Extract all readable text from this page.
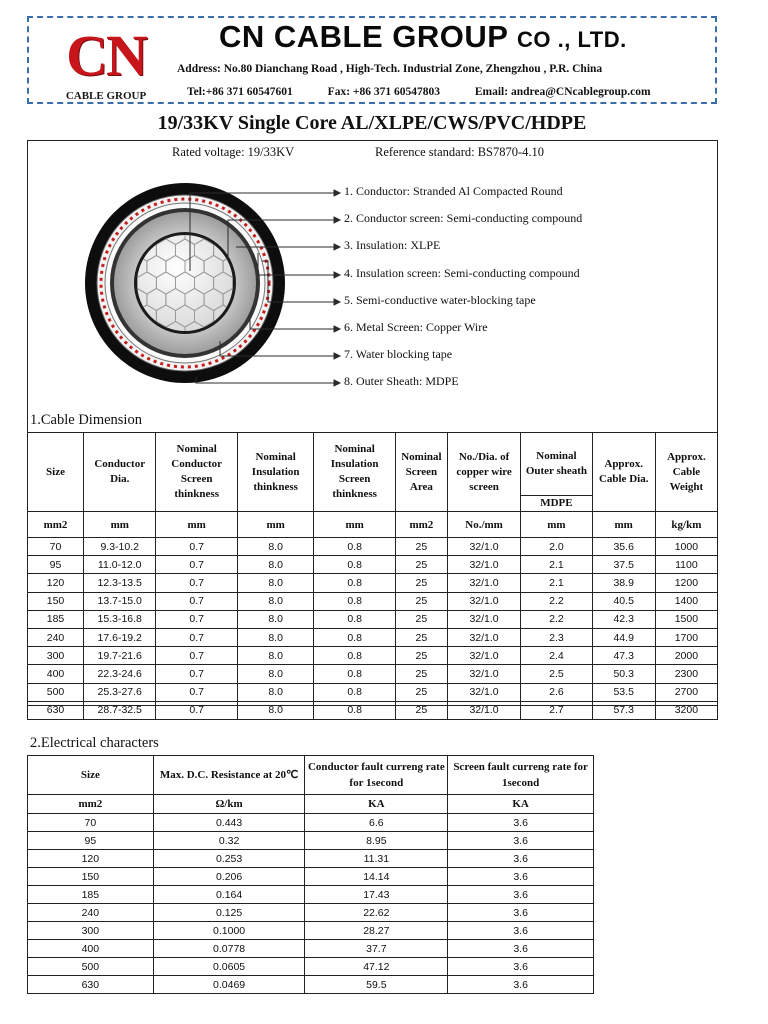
CN
CABLE GROUP
CN CABLE GROUP CO ., LTD.
Address: No.80 Dianchang Road , High-Tech. Industrial Zone, Zhengzhou , P.R. China
Tel:+86 371 60547601	Fax: +86 371 60547803	Email: andrea@CNcablegroup.com
19/33KV Single Core AL/XLPE/CWS/PVC/HDPE
Rated voltage: 19/33KV	Reference standard: BS7870-4.10
1. Conductor: Stranded Al Compacted Round
2. Conductor screen: Semi-conducting compound
3. Insulation: XLPE
4. Insulation screen: Semi-conducting compound
5. Semi-conductive water-blocking tape
6. Metal Screen: Copper Wire
7. Water blocking tape
8. Outer Sheath: MDPE
1.Cable Dimension
Size	Conductor Dia.	Nominal Conductor Screen thinkness	Nominal Insulation thinkness	Nominal Insulation Screen thinkness	Nominal Screen Area	No./Dia. of copper wire screen	Nominal Outer sheath	Approx. Cable Dia.	Approx. Cable Weight
							MDPE		
mm2	mm	mm	mm	mm	mm2	No./mm	mm	mm	kg/km
70	9.3-10.2	0.7	8.0	0.8	25	32/1.0	2.0	35.6	1000
95	11.0-12.0	0.7	8.0	0.8	25	32/1.0	2.1	37.5	1100
120	12.3-13.5	0.7	8.0	0.8	25	32/1.0	2.1	38.9	1200
150	13.7-15.0	0.7	8.0	0.8	25	32/1.0	2.2	40.5	1400
185	15.3-16.8	0.7	8.0	0.8	25	32/1.0	2.2	42.3	1500
240	17.6-19.2	0.7	8.0	0.8	25	32/1.0	2.3	44.9	1700
300	19.7-21.6	0.7	8.0	0.8	25	32/1.0	2.4	47.3	2000
400	22.3-24.6	0.7	8.0	0.8	25	32/1.0	2.5	50.3	2300
500	25.3-27.6	0.7	8.0	0.8	25	32/1.0	2.6	53.5	2700
630	28.7-32.5	0.7	8.0	0.8	25	32/1.0	2.7	57.3	3200
2.Electrical characters
Size	Max. D.C. Resistance at 20℃	Conductor fault curreng rate for 1second	Screen fault curreng rate for 1second
mm2	Ω/km	KA	KA
70	0.443	6.6	3.6
95	0.32	8.95	3.6
120	0.253	11.31	3.6
150	0.206	14.14	3.6
185	0.164	17.43	3.6
240	0.125	22.62	3.6
300	0.1000	28.27	3.6
400	0.0778	37.7	3.6
500	0.0605	47.12	3.6
630	0.0469	59.5	3.6
